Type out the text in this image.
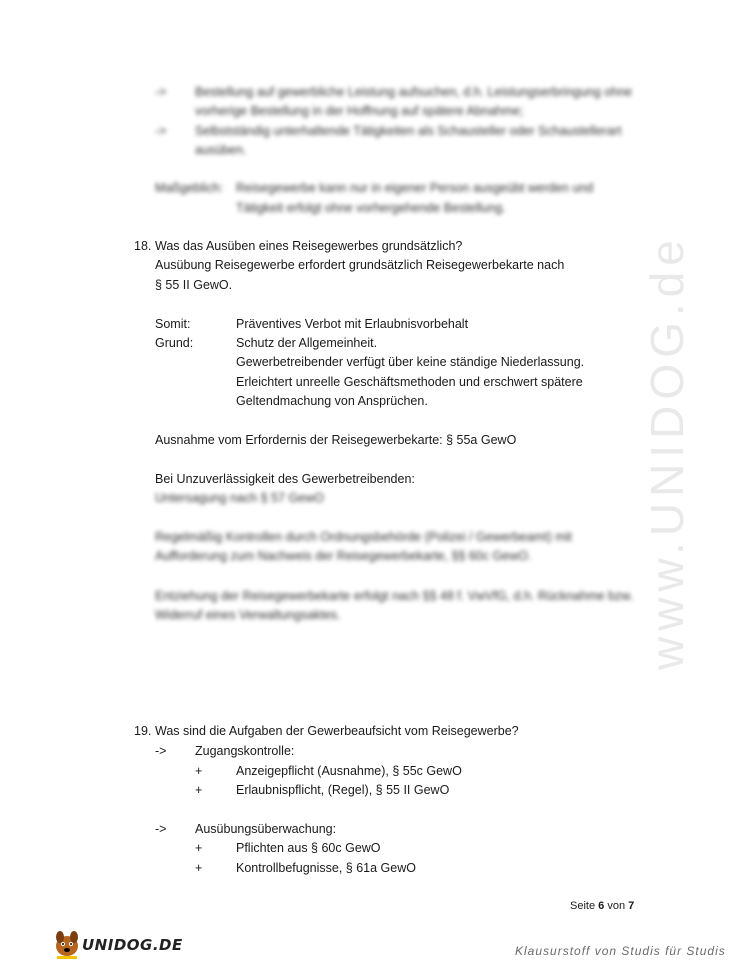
www.UNIDOG.de
-> Bestellung auf gewerbliche Leistung aufsuchen, d.h. Leistungserbringung ohne
vorherige Bestellung in der Hoffnung auf spätere Abnahme;
-> Selbstständig unterhaltende Tätigkeiten als Schausteller oder Schaustellerart
ausüben.
Maßgeblich: Reisegewerbe kann nur in eigener Person ausgeübt werden und
Tätigkeit erfolgt ohne vorhergehende Bestellung.
18. Was das Ausüben eines Reisegewerbes grundsätzlich?
Ausübung Reisegewerbe erfordert grundsätzlich Reisegewerbekarte nach
§ 55 II GewO.
Somit:	Präventives Verbot mit Erlaubnisvorbehalt
Grund:	Schutz der Allgemeinheit.
Gewerbetreibender verfügt über keine ständige Niederlassung.
Erleichtert unreelle Geschäftsmethoden und erschwert spätere
Geltendmachung von Ansprüchen.
Ausnahme vom Erfordernis der Reisegewerbekarte: § 55a GewO
Bei Unzuverlässigkeit des Gewerbetreibenden:
Untersagung nach § 57 GewO
Regelmäßig Kontrollen durch Ordnungsbehörde (Polizei / Gewerbeamt) mit
Aufforderung zum Nachweis der Reisegewerbekarte, §§ 60c GewO.
Entziehung der Reisegewerbekarte erfolgt nach §§ 48 f. VwVfG, d.h. Rücknahme bzw.
Widerruf eines Verwaltungsaktes.
19. Was sind die Aufgaben der Gewerbeaufsicht vom Reisegewerbe?
-> Zugangskontrolle:
+	Anzeigepflicht (Ausnahme), § 55c GewO
+	Erlaubnispflicht, (Regel), § 55 II GewO
-> Ausübungsüberwachung:
+	Pflichten aus § 60c GewO
+	Kontrollbefugnisse, § 61a GewO
Seite 6 von 7
UNIDOG.DE	Klausurstoff von Studis für Studis
